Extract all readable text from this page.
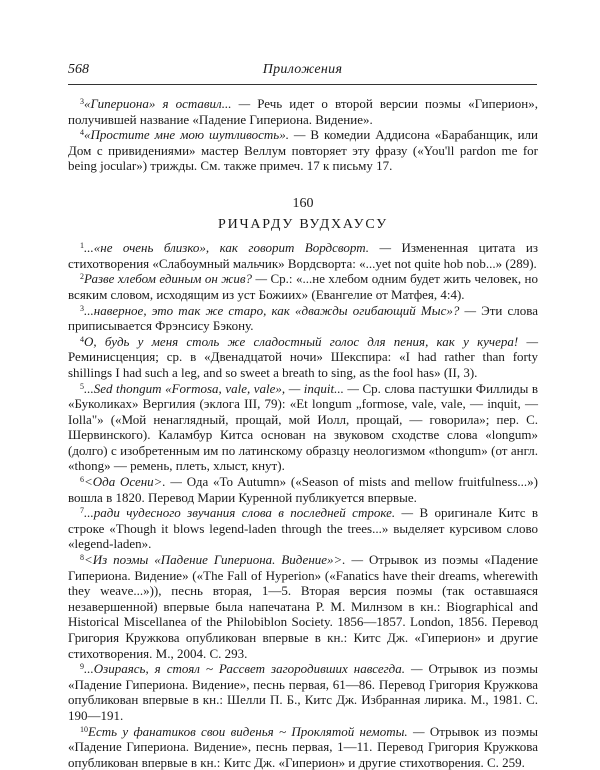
568	Приложения

$^3$«Гипериона» я оставил... — Речь идет о второй версии поэмы «Гиперион», получившей название «Падение Гипериона. Видение».

$^4$«Простите мне мою шутливость». — В комедии Аддисона «Барабанщик, или Дом с привидениями» мастер Веллум повторяет эту фразу («You'll pardon me for being jocular») трижды. См. также примеч. 17 к письму 17.

160
РИЧАРДУ ВУДХАУСУ

$^1$...«не очень близко», как говорит Вордсворт. — Измененная цитата из стихотворения «Слабоумный мальчик» Вордсворта: «...yet not quite hob nob...» (289).

$^2$Разве хлебом единым он жив? — Ср.: «...не хлебом одним будет жить человек, но всяким словом, исходящим из уст Божиих» (Евангелие от Матфея, 4:4).

$^3$...наверное, это так же старо, как «дважды огибающий Мыс»? — Эти слова приписывается Фрэнсису Бэкону.

$^4$О, будь у меня столь же сладостный голос для пения, как у кучера! — Реминисценция; ср. в «Двенадцатой ночи» Шекспира: «I had rather than forty shillings I had such a leg, and so sweet a breath to sing, as the fool has» (II, 3).

$^5$...Sed thongum «Formosa, vale, vale», — inquit... — Ср. слова пастушки Филлиды в «Буколиках» Вергилия (эклога III, 79): «Et longum „formose, vale, vale, — inquit, — Iolla"» («Мой ненаглядный, прощай, мой Иолл, прощай, — говорила»; пер. С. Шервинского). Каламбур Китса основан на звуковом сходстве слова «longum» (долго) с изобретенным им по латинскому образцу неологизмом «thongum» (от англ. «thong» — ремень, плеть, хлыст, кнут).

$^6$<Ода Осени>. — Ода «To Autumn» («Season of mists and mellow fruitfulness...») вошла в 1820. Перевод Марии Куренной публикуется впервые.

$^7$...ради чудесного звучания слова в последней строке. — В оригинале Китс в строке «Though it blows legend-laden through the trees...» выделяет курсивом слово «legend-laden».

$^8$<Из поэмы «Падение Гипериона. Видение»>. — Отрывок из поэмы «Падение Гипериона. Видение» («The Fall of Hyperion» («Fanatics have their dreams, wherewith they weave...»)), песнь вторая, 1—5. Вторая версия поэмы (так оставшаяся незавершенной) впервые была напечатана Р. М. Милнзом в кн.: Biographical and Historical Miscellanea of the Philobiblon Society. 1856—1857. London, 1856. Перевод Григория Кружкова опубликован впервые в кн.: Китс Дж. «Гиперион» и другие стихотворения. М., 2004. С. 293.

$^9$...Озираясь, я стоял ~ Рассвет загородивших навсегда. — Отрывок из поэмы «Падение Гипериона. Видение», песнь первая, 61—86. Перевод Григория Кружкова опубликован впервые в кн.: Шелли П. Б., Китс Дж. Избранная лирика. М., 1981. С. 190—191.

$^{10}$Есть у фанатиков свои виденья ~ Проклятой немоты. — Отрывок из поэмы «Падение Гипериона. Видение», песнь первая, 1—11. Перевод Григория Кружкова опубликован впервые в кн.: Китс Дж. «Гиперион» и другие стихотворения. С. 259.
